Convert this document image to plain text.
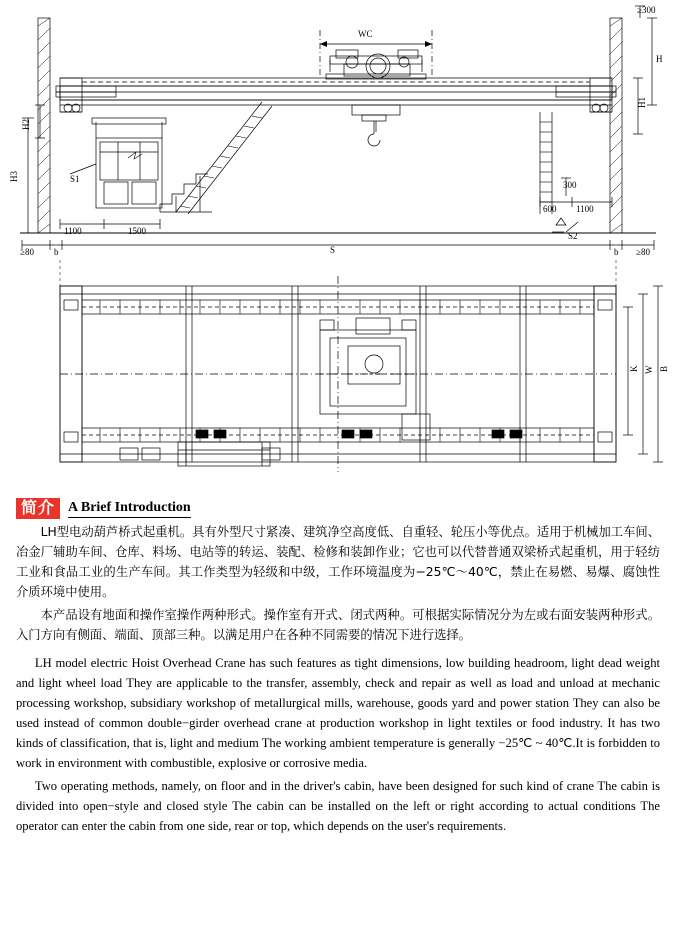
WC
≥300
H
H1
H2
H3	S1
S2
300
600 1100
1100	1500
≥80 b	S	b ≥80
K W B
简介 A Brief Introduction

LH型电动葫芦桥式起重机。具有外型尺寸紧凑、建筑净空高度低、自重轻、轮压小等优点。适用于机械加工车间、冶金厂辅助车间、仓库、料场、电站等的转运、装配、检修和装卸作业；它也可以代替普通双梁桥式起重机，用于轻纺工业和食品工业的生产车间。其工作类型为轻级和中级，工作环境温度为−25℃～40℃，禁止在易燃、易爆、腐蚀性介质环境中使用。

本产品设有地面和操作室操作两种形式。操作室有开式、闭式两种。可根据实际情况分为左或右面安装两种形式。入门方向有侧面、端面、顶部三种。以满足用户在各种不同需要的情况下进行选择。

LH model electric Hoist Overhead Crane has such features as tight dimensions, low building headroom, light dead weight and light wheel load They are applicable to the transfer, assembly, check and repair as well as load and unload at mechanic processing workshop, subsidiary workshop of metallurgical mills, warehouse, goods yard and power station They can also be used instead of common double−girder overhead crane at production workshop in light textiles or food industry. It has two kinds of classification, that is, light and medium The working ambient temperature is generally −25℃ ~ 40℃.It is forbidden to work in environment with combustible, explosive or corrosive media.

Two operating methods, namely, on floor and in the driver's cabin, have been designed for such kind of crane The cabin is divided into open−style and closed style The cabin can be installed on the left or right according to actual conditions The operator can enter the cabin from one side, rear or top, which depends on the user's requirements.
